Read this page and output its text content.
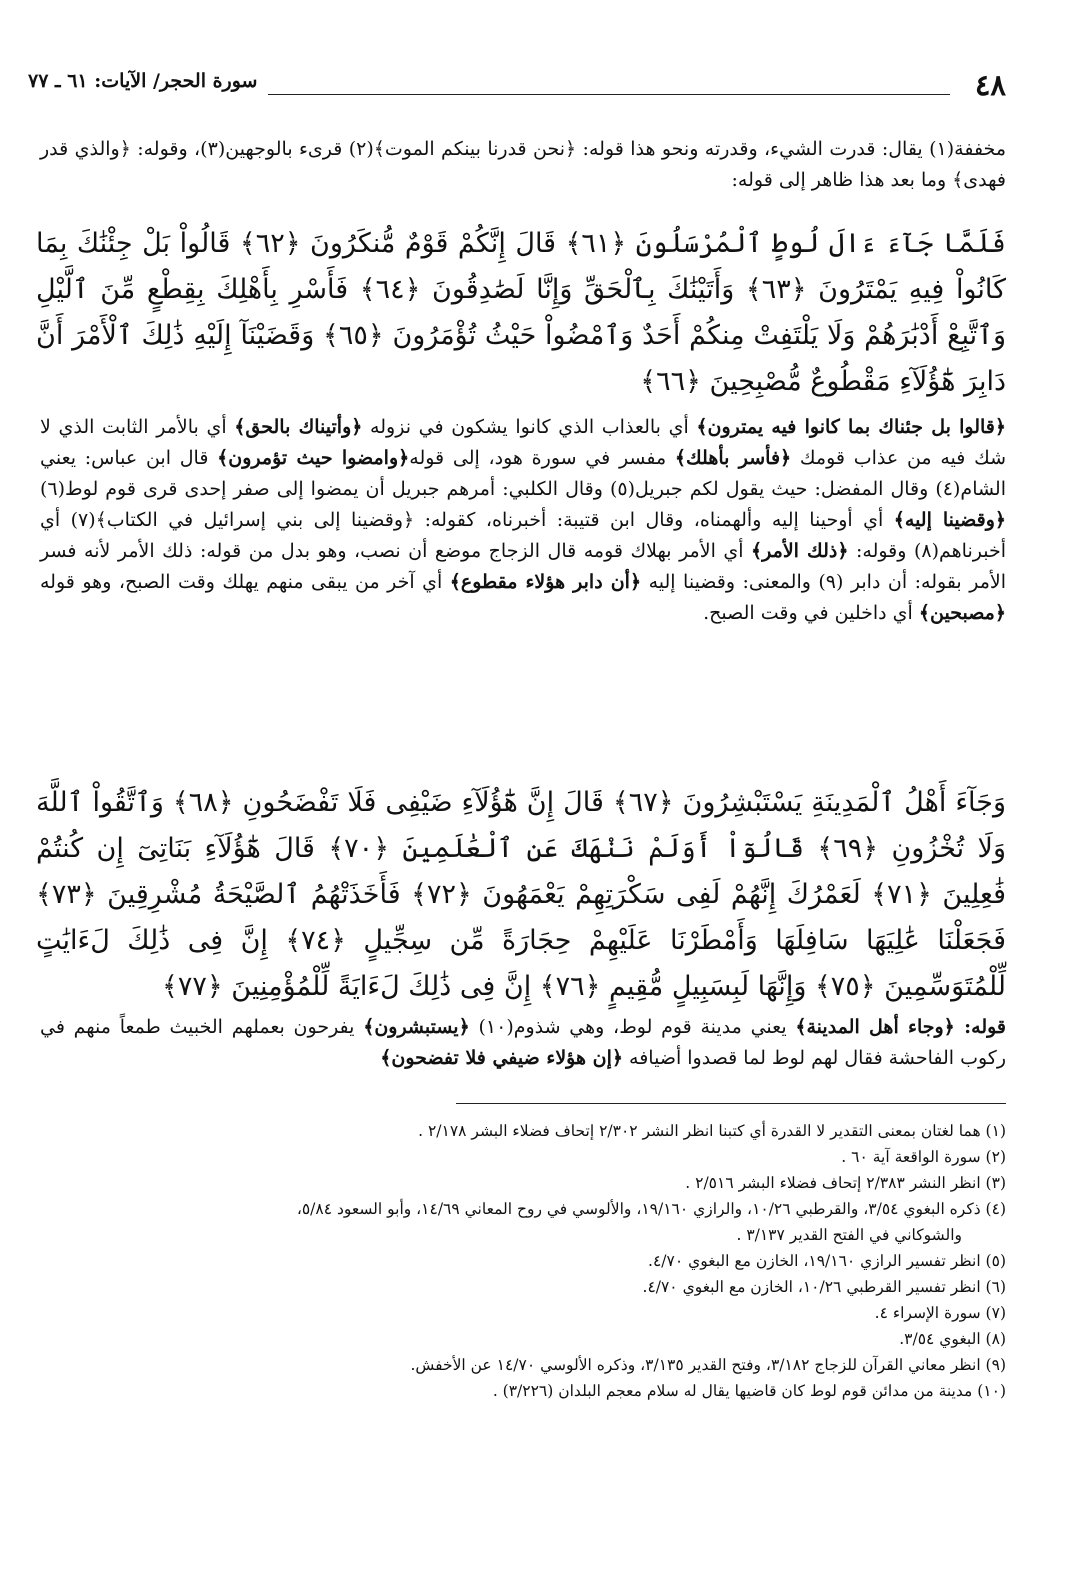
٤٨
سورة الحجر/ الآيات: ٦١ ـ ٧٧

مخففة(١) يقال: قدرت الشيء، وقدرته ونحو هذا قوله: ﴿نحن قدرنا بينكم الموت﴾(٢) قرىء بالوجهين(٣)، وقوله: ﴿والذي قدر فهدى﴾ وما بعد هذا ظاهر إلى قوله:

فَلَمَّا جَآءَ ءَالَ لُوطٍ ٱلْمُرْسَلُونَ ﴿٦١﴾ قَالَ إِنَّكُمْ قَوْمٌ مُّنكَرُونَ ﴿٦٢﴾ قَالُواْ بَلْ جِئْنَٰكَ بِمَا كَانُواْ فِيهِ يَمْتَرُونَ ﴿٦٣﴾ وَأَتَيْنَٰكَ بِٱلْحَقِّ وَإِنَّا لَصَٰدِقُونَ ﴿٦٤﴾ فَأَسْرِ بِأَهْلِكَ بِقِطْعٍ مِّنَ ٱلَّيْلِ وَٱتَّبِعْ أَدْبَٰرَهُمْ وَلَا يَلْتَفِتْ مِنكُمْ أَحَدٌ وَٱمْضُواْ حَيْثُ تُؤْمَرُونَ ﴿٦٥﴾ وَقَضَيْنَآ إِلَيْهِ ذَٰلِكَ ٱلْأَمْرَ أَنَّ دَابِرَ هَٰٓؤُلَآءِ مَقْطُوعٌ مُّصْبِحِينَ ﴿٦٦﴾

﴿قالوا بل جئناك بما كانوا فيه يمترون﴾ أي بالعذاب الذي كانوا يشكون في نزوله ﴿وأتيناك بالحق﴾ أي بالأمر الثابت الذي لا شك فيه من عذاب قومك ﴿فأسر بأهلك﴾ مفسر في سورة هود، إلى قوله﴿وامضوا حيث تؤمرون﴾ قال ابن عباس: يعني الشام(٤) وقال المفضل: حيث يقول لكم جبريل(٥) وقال الكلبي: أمرهم جبريل أن يمضوا إلى صفر إحدى قرى قوم لوط(٦) ﴿وقضينا إليه﴾ أي أوحينا إليه وألهمناه، وقال ابن قتيبة: أخبرناه، كقوله: ﴿وقضينا إلى بني إسرائيل في الكتاب﴾(٧) أي أخبرناهم(٨) وقوله: ﴿ذلك الأمر﴾ أي الأمر بهلاك قومه قال الزجاج موضع أن نصب، وهو بدل من قوله: ذلك الأمر لأنه فسر الأمر بقوله: أن دابر (٩) والمعنى: وقضينا إليه ﴿أن دابر هؤلاء مقطوع﴾ أي آخر من يبقى منهم يهلك وقت الصبح، وهو قوله ﴿مصبحين﴾ أي داخلين في وقت الصبح.

وَجَآءَ أَهْلُ ٱلْمَدِينَةِ يَسْتَبْشِرُونَ ﴿٦٧﴾ قَالَ إِنَّ هَٰٓؤُلَآءِ ضَيْفِى فَلَا تَفْضَحُونِ ﴿٦٨﴾ وَٱتَّقُواْ ٱللَّهَ وَلَا تُخْزُونِ ﴿٦٩﴾ قَالُوٓاْ أَوَلَمْ نَنْهَكَ عَنِ ٱلْعَٰلَمِينَ ﴿٧٠﴾ قَالَ هَٰٓؤُلَآءِ بَنَاتِىٓ إِن كُنتُمْ فَٰعِلِينَ ﴿٧١﴾ لَعَمْرُكَ إِنَّهُمْ لَفِى سَكْرَتِهِمْ يَعْمَهُونَ ﴿٧٢﴾ فَأَخَذَتْهُمُ ٱلصَّيْحَةُ مُشْرِقِينَ ﴿٧٣﴾ فَجَعَلْنَا عَٰلِيَهَا سَافِلَهَا وَأَمْطَرْنَا عَلَيْهِمْ حِجَارَةً مِّن سِجِّيلٍ ﴿٧٤﴾ إِنَّ فِى ذَٰلِكَ لَءَايَٰتٍ لِّلْمُتَوَسِّمِينَ ﴿٧٥﴾ وَإِنَّهَا لَبِسَبِيلٍ مُّقِيمٍ ﴿٧٦﴾ إِنَّ فِى ذَٰلِكَ لَءَايَةً لِّلْمُؤْمِنِينَ ﴿٧٧﴾

قوله: ﴿وجاء أهل المدينة﴾ يعني مدينة قوم لوط، وهي شذوم(١٠) ﴿يستبشرون﴾ يفرحون بعملهم الخبيث طمعاً منهم في ركوب الفاحشة فقال لهم لوط لما قصدوا أضيافه ﴿إن هؤلاء ضيفي فلا تفضحون﴾

(١) هما لغتان بمعنى التقدير لا القدرة أي كتبنا انظر النشر ٢/٣٠٢ إتحاف فضلاء البشر ٢/١٧٨ .
(٢) سورة الواقعة آية ٦٠ .
(٣) انظر النشر ٢/٣٨٣ إتحاف فضلاء البشر ٢/٥١٦ .
(٤) ذكره البغوي ٣/٥٤، والقرطبي ١٠/٢٦، والرازي ١٩/١٦٠، والألوسي في روح المعاني ١٤/٦٩، وأبو السعود ٥/٨٤،
والشوكاني في الفتح القدير ٣/١٣٧ .
(٥) انظر تفسير الرازي ١٩/١٦٠، الخازن مع البغوي ٤/٧٠.
(٦) انظر تفسير القرطبي ١٠/٢٦، الخازن مع البغوي ٤/٧٠.
(٧) سورة الإسراء ٤.
(٨) البغوي ٣/٥٤.
(٩) انظر معاني القرآن للزجاج ٣/١٨٢، وفتح القدير ٣/١٣٥، وذكره الألوسي ١٤/٧٠ عن الأخفش.
(١٠) مدينة من مدائن قوم لوط كان قاضيها يقال له سلام معجم البلدان (٣/٢٢٦) .
